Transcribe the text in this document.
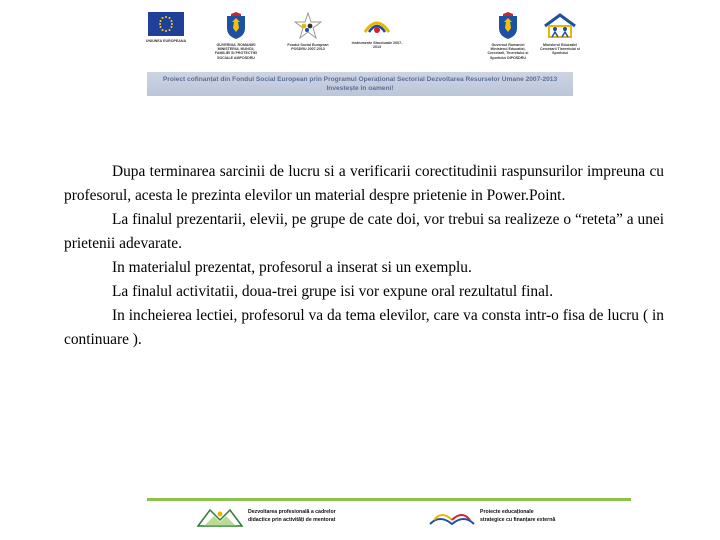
UNIUNEA EUROPEANA
GUVERNUL ROMANIEI MINISTERUL MUNCII, FAMILIEI SI PROTECTIEI SOCIALE AMPOSDRU
Fondul Social European POSDRU 2007-2013
Instrumente Structurale 2007-2013
Guvernul Romaniei Ministerul Educatiei, Cercetarii, Tineretului si Sportului OIPOSDRU
Ministerul Educatiei Cercetarii Tineretului si Sportului
Proiect cofinanțat din Fondul Social European prin Programul Operațional Sectorial Dezvoltarea Resurselor Umane 2007-2013
Investește în oameni!

Dupa terminarea sarcinii de lucru si a verificarii corectitudinii raspunsurilor impreuna cu profesorul, acesta le prezinta elevilor un material despre prietenie in Power.Point.

La finalul prezentarii, elevii, pe grupe de cate doi, vor trebui sa realizeze o “reteta” a unei prietenii adevarate.

In materialul prezentat, profesorul a inserat si un exemplu.

La finalul activitatii, doua-trei grupe isi vor expune oral rezultatul final.

In incheierea lectiei, profesorul va da tema elevilor, care va consta intr-o fisa de lucru ( in continuare ).

Dezvoltarea profesională a cadrelor
didactice prin activități de mentorat
Proiecte educaționale
strategice cu finanțare externă
